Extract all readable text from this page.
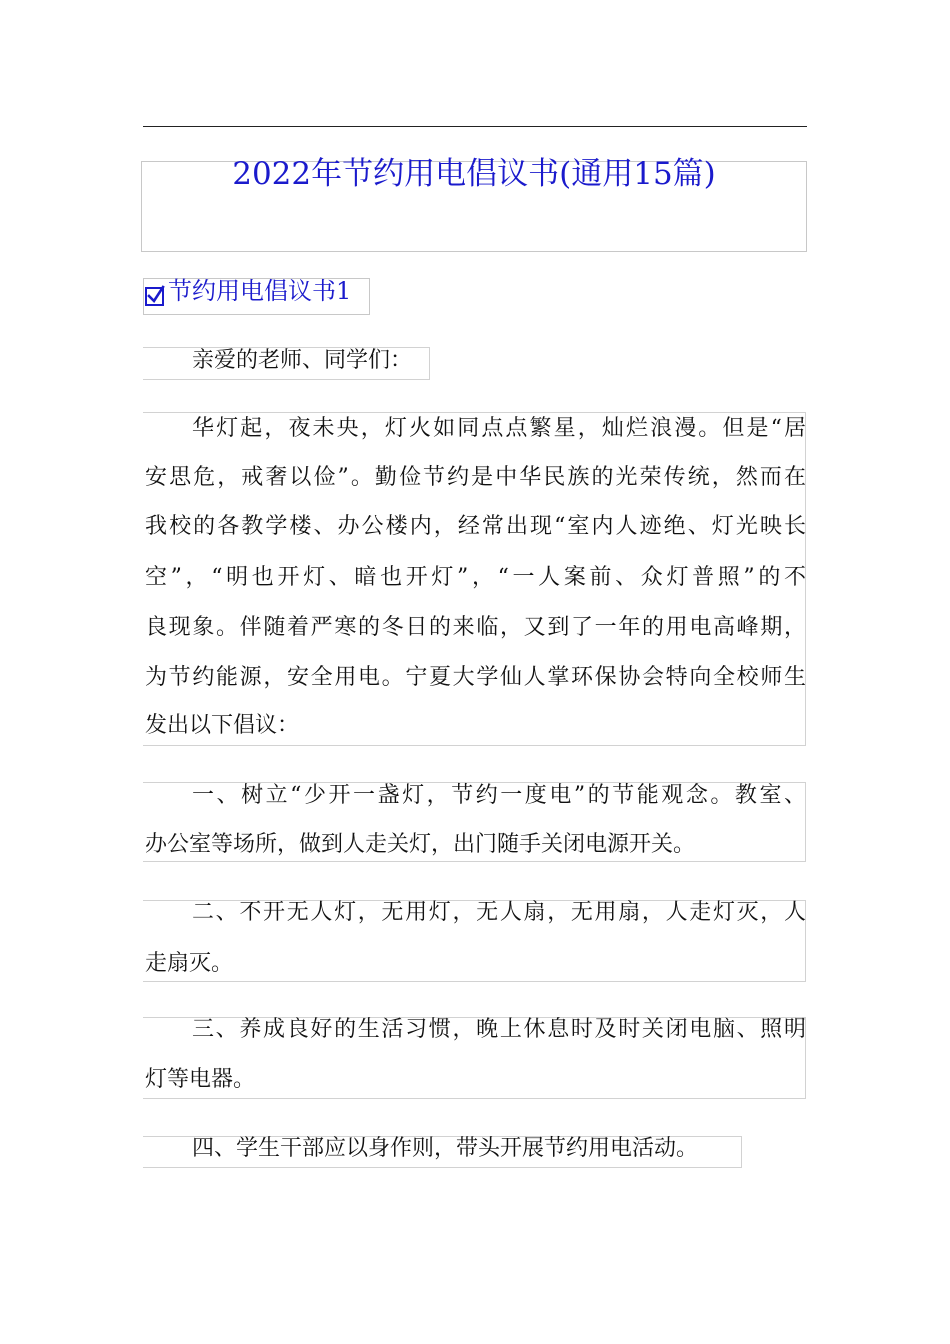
2022年节约用电倡议书(通用15篇)
节约用电倡议书1
亲爱的老师、同学们：
华灯起，夜未央，灯火如同点点繁星，灿烂浪漫。但是“居
安思危，戒奢以俭”。勤俭节约是中华民族的光荣传统，然而在
我校的各教学楼、办公楼内，经常出现“室内人迹绝、灯光映长
空”，“明也开灯、暗也开灯”，“一人案前、众灯普照”的不
良现象。伴随着严寒的冬日的来临，又到了一年的用电高峰期，
为节约能源，安全用电。宁夏大学仙人掌环保协会特向全校师生
发出以下倡议：
一、树立“少开一盏灯，节约一度电”的节能观念。教室、
办公室等场所，做到人走关灯，出门随手关闭电源开关。
二、不开无人灯，无用灯，无人扇，无用扇，人走灯灭，人
走扇灭。
三、养成良好的生活习惯，晚上休息时及时关闭电脑、照明
灯等电器。
四、学生干部应以身作则，带头开展节约用电活动。
